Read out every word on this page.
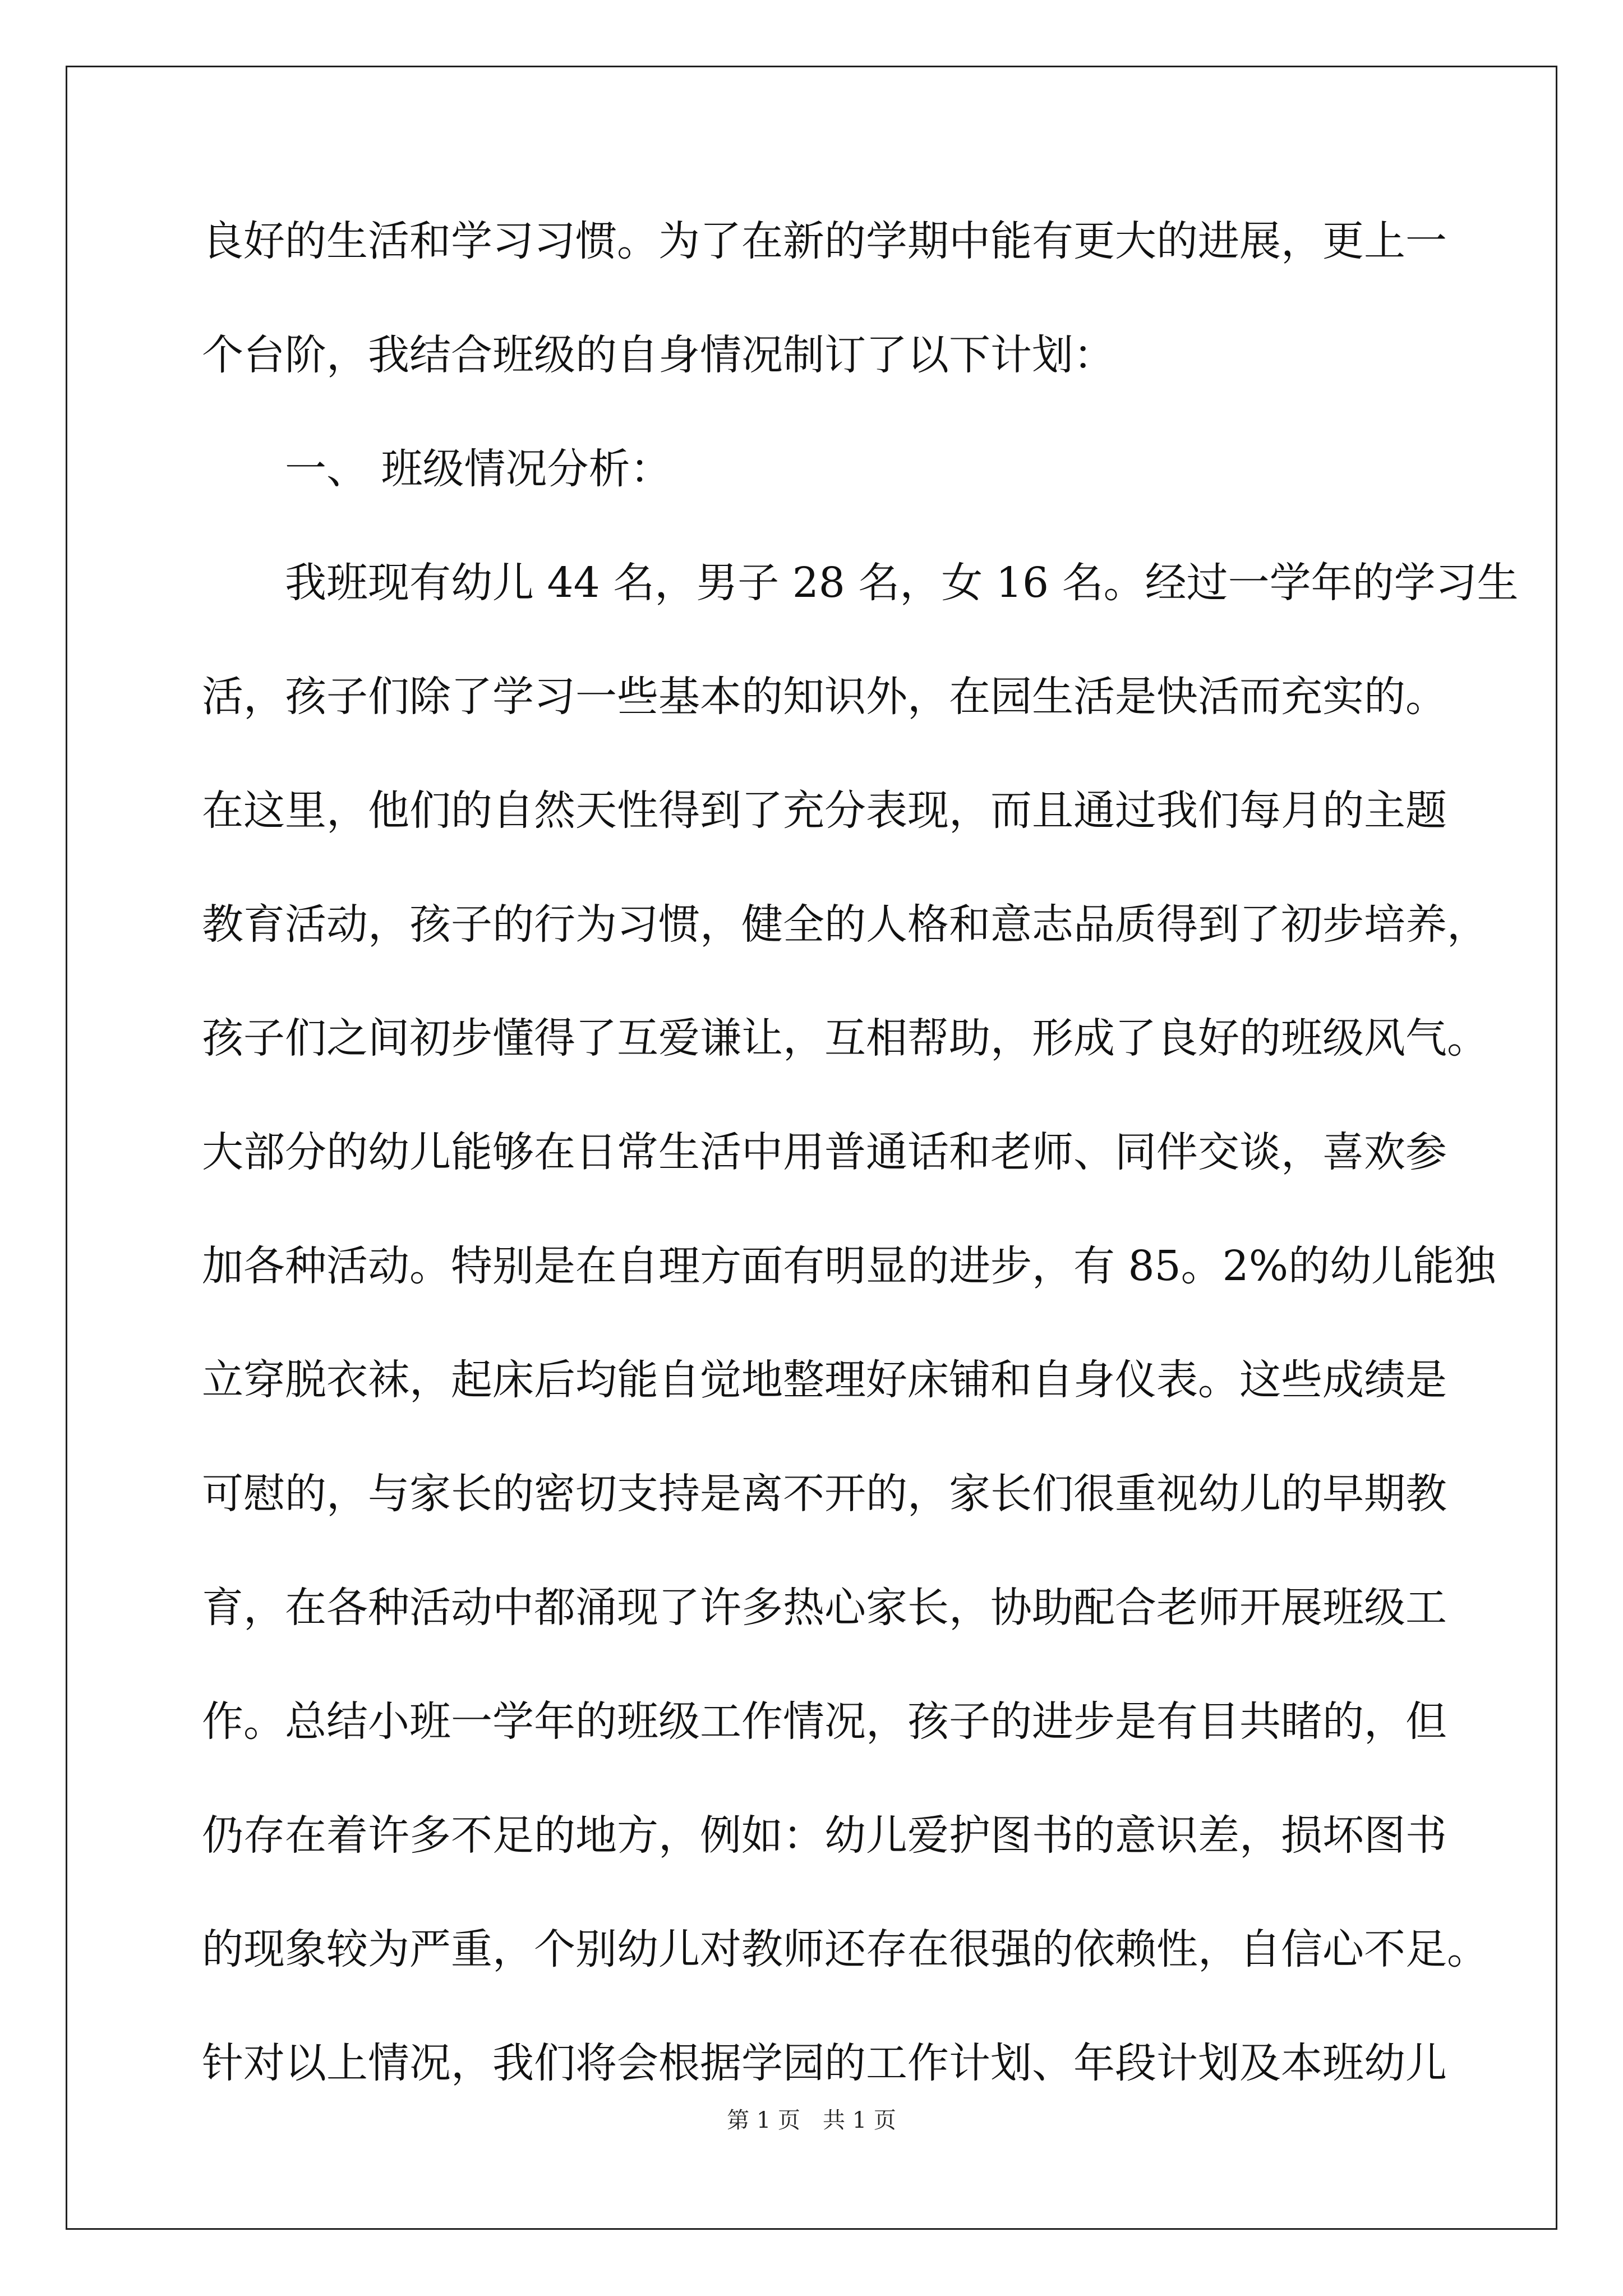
良好的生活和学习习惯。为了在新的学期中能有更大的进展，更上一
个台阶，我结合班级的自身情况制订了以下计划：
一、 班级情况分析：
我班现有幼儿 44 名，男子 28 名，女 16 名。经过一学年的学习生
活，孩子们除了学习一些基本的知识外，在园生活是快活而充实的。
在这里，他们的自然天性得到了充分表现，而且通过我们每月的主题
教育活动，孩子的行为习惯，健全的人格和意志品质得到了初步培养，
孩子们之间初步懂得了互爱谦让，互相帮助，形成了良好的班级风气。
大部分的幼儿能够在日常生活中用普通话和老师、同伴交谈，喜欢参
加各种活动。特别是在自理方面有明显的进步，有 85。2%的幼儿能独
立穿脱衣袜，起床后均能自觉地整理好床铺和自身仪表。这些成绩是
可慰的，与家长的密切支持是离不开的，家长们很重视幼儿的早期教
育，在各种活动中都涌现了许多热心家长，协助配合老师开展班级工
作。总结小班一学年的班级工作情况，孩子的进步是有目共睹的，但
仍存在着许多不足的地方，例如：幼儿爱护图书的意识差，损坏图书
的现象较为严重，个别幼儿对教师还存在很强的依赖性，自信心不足。
针对以上情况，我们将会根据学园的工作计划、年段计划及本班幼儿
第 1 页 共 1 页
